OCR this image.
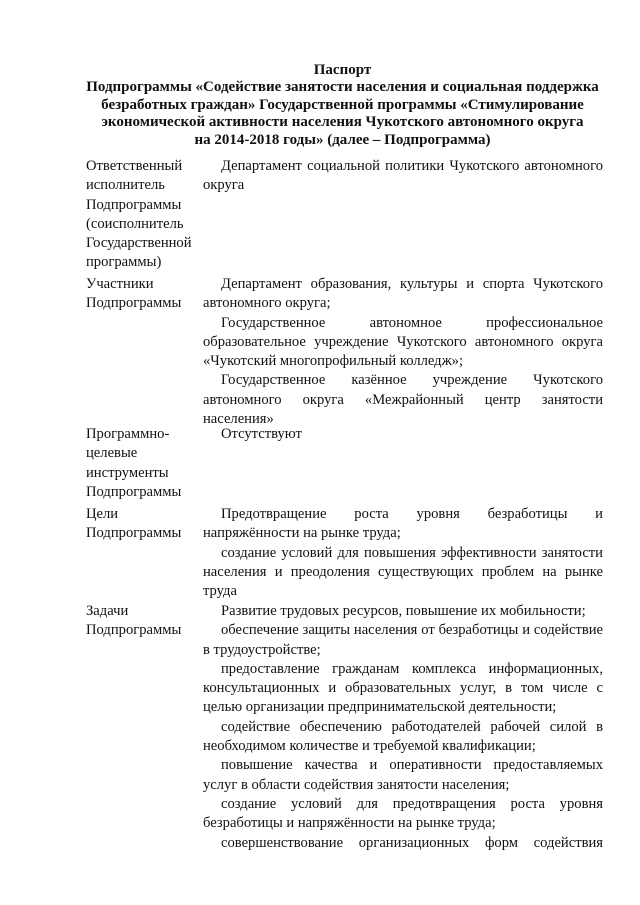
Паспорт
Подпрограммы «Содействие занятости населения и социальная поддержка
безработных граждан» Государственной программы «Стимулирование
экономической активности населения Чукотского автономного округа
на 2014-2018 годы» (далее – Подпрограмма)
Ответственный исполнитель Подпрограммы (соисполнитель Государственной программы)

Департамент социальной политики Чукотского автономного округа

Участники Подпрограммы

Департамент образования, культуры и спорта Чукотского автономного округа;

Государственное автономное профессиональное образовательное учреждение Чукотского автономного округа «Чукотский многопрофильный колледж»;

Государственное казённое учреждение Чукотского автономного округа «Межрайонный центр занятости населения»

Программно-целевые инструменты Подпрограммы

Отсутствуют

Цели Подпрограммы

Предотвращение роста уровня безработицы и напряжённости на рынке труда;

создание условий для повышения эффективности занятости населения и преодоления существующих проблем на рынке труда

Задачи Подпрограммы

Развитие трудовых ресурсов, повышение их мобильности;

обеспечение защиты населения от безработицы и содействие в трудоустройстве;

предоставление гражданам комплекса информационных, консультационных и образовательных услуг, в том числе с целью организации предпринимательской деятельности;

содействие обеспечению работодателей рабочей силой в необходимом количестве и требуемой квалификации;

повышение качества и оперативности предоставляемых услуг в области содействия занятости населения;

создание условий для предотвращения роста уровня безработицы и напряжённости на рынке труда;

совершенствование организационных форм содействия
